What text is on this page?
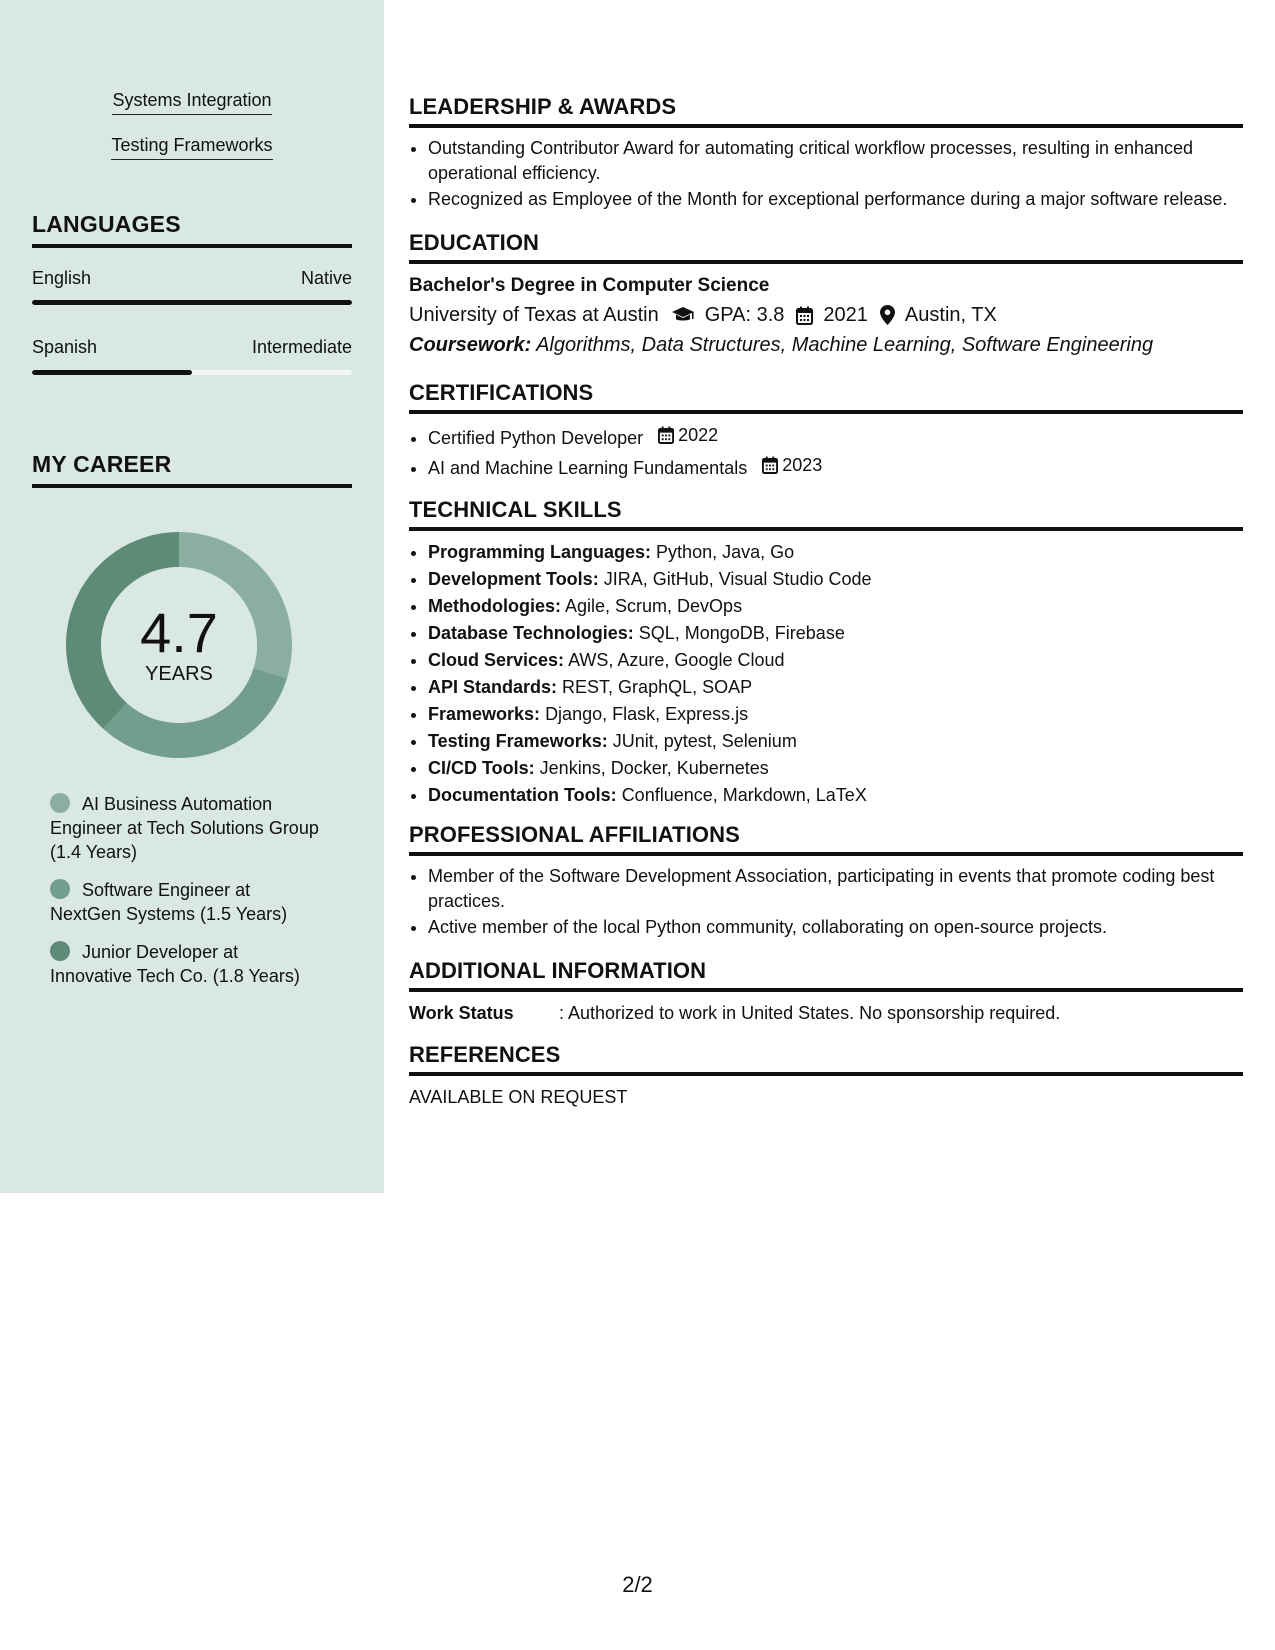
Systems Integration
Testing Frameworks
LANGUAGES
English	Native
Spanish	Intermediate
MY CAREER
4.7
YEARS
AI Business Automation Engineer at Tech Solutions Group (1.4 Years)
Software Engineer at NextGen Systems (1.5 Years)
Junior Developer at Innovative Tech Co. (1.8 Years)
LEADERSHIP & AWARDS
• Outstanding Contributor Award for automating critical workflow processes, resulting in enhanced operational efficiency.
• Recognized as Employee of the Month for exceptional performance during a major software release.
EDUCATION
Bachelor's Degree in Computer Science
University of Texas at Austin GPA: 3.8 2021 Austin, TX
Coursework: Algorithms, Data Structures, Machine Learning, Software Engineering
CERTIFICATIONS
• Certified Python Developer 2022
• AI and Machine Learning Fundamentals 2023
TECHNICAL SKILLS
• Programming Languages: Python, Java, Go
• Development Tools: JIRA, GitHub, Visual Studio Code
• Methodologies: Agile, Scrum, DevOps
• Database Technologies: SQL, MongoDB, Firebase
• Cloud Services: AWS, Azure, Google Cloud
• API Standards: REST, GraphQL, SOAP
• Frameworks: Django, Flask, Express.js
• Testing Frameworks: JUnit, pytest, Selenium
• CI/CD Tools: Jenkins, Docker, Kubernetes
• Documentation Tools: Confluence, Markdown, LaTeX
PROFESSIONAL AFFILIATIONS
• Member of the Software Development Association, participating in events that promote coding best practices.
• Active member of the local Python community, collaborating on open-source projects.
ADDITIONAL INFORMATION
Work Status	: Authorized to work in United States. No sponsorship required.
REFERENCES
AVAILABLE ON REQUEST
2/2
